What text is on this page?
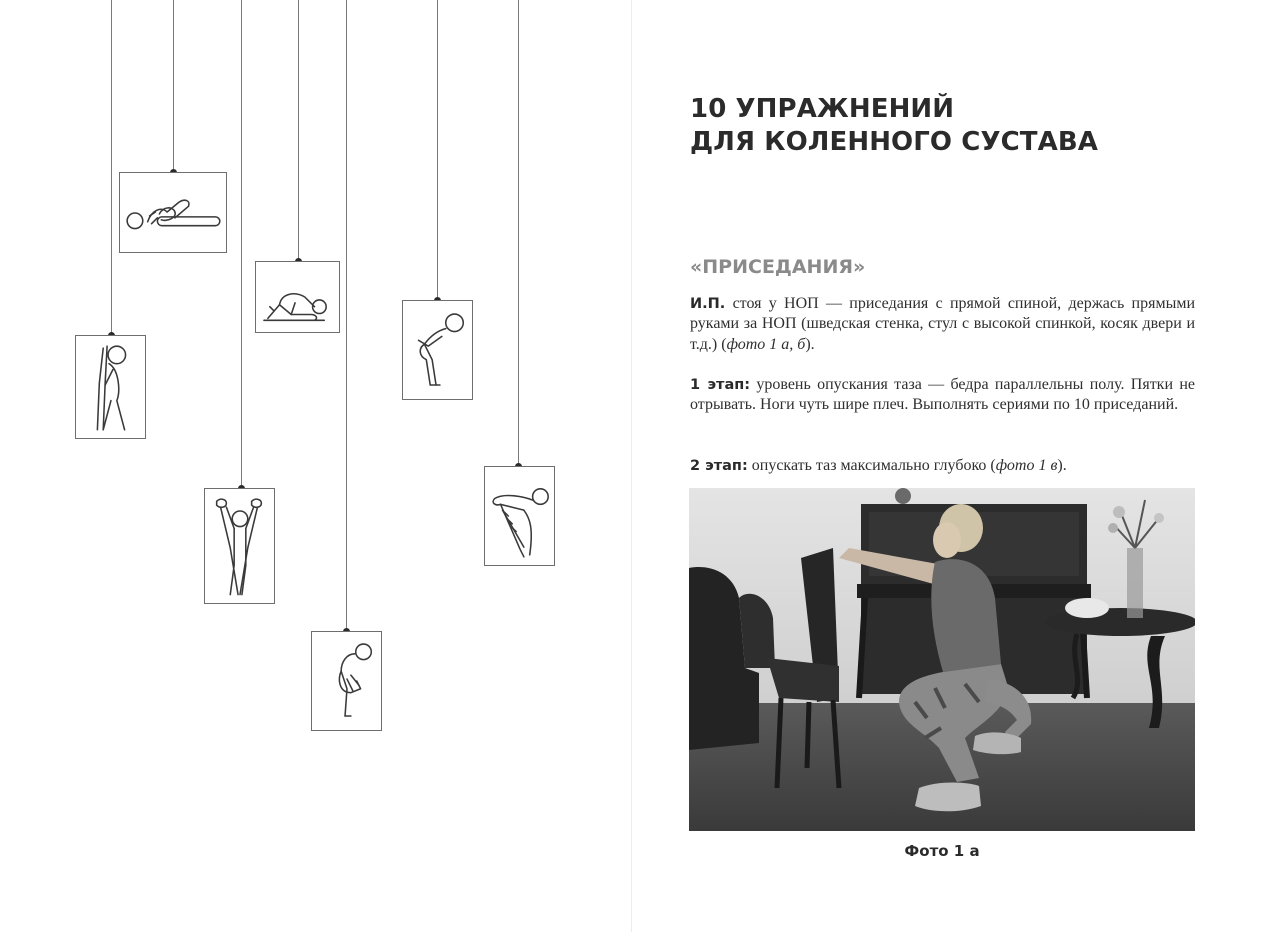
10 УПРАЖНЕНИЙ
ДЛЯ КОЛЕННОГО СУСТАВА
«ПРИСЕДАНИЯ»

И.П. стоя у НОП — приседания с прямой спиной, держась прямыми руками за НОП (шведская стенка, стул с высокой спинкой, косяк двери и т.д.) (фото 1 а, б).

1 этап: уровень опускания таза — бедра параллельны полу. Пятки не отрывать. Ноги чуть шире плеч. Выполнять сериями по 10 приседаний.

2 этап: опускать таз максимально глубоко (фото 1 в).

Фото 1 а
